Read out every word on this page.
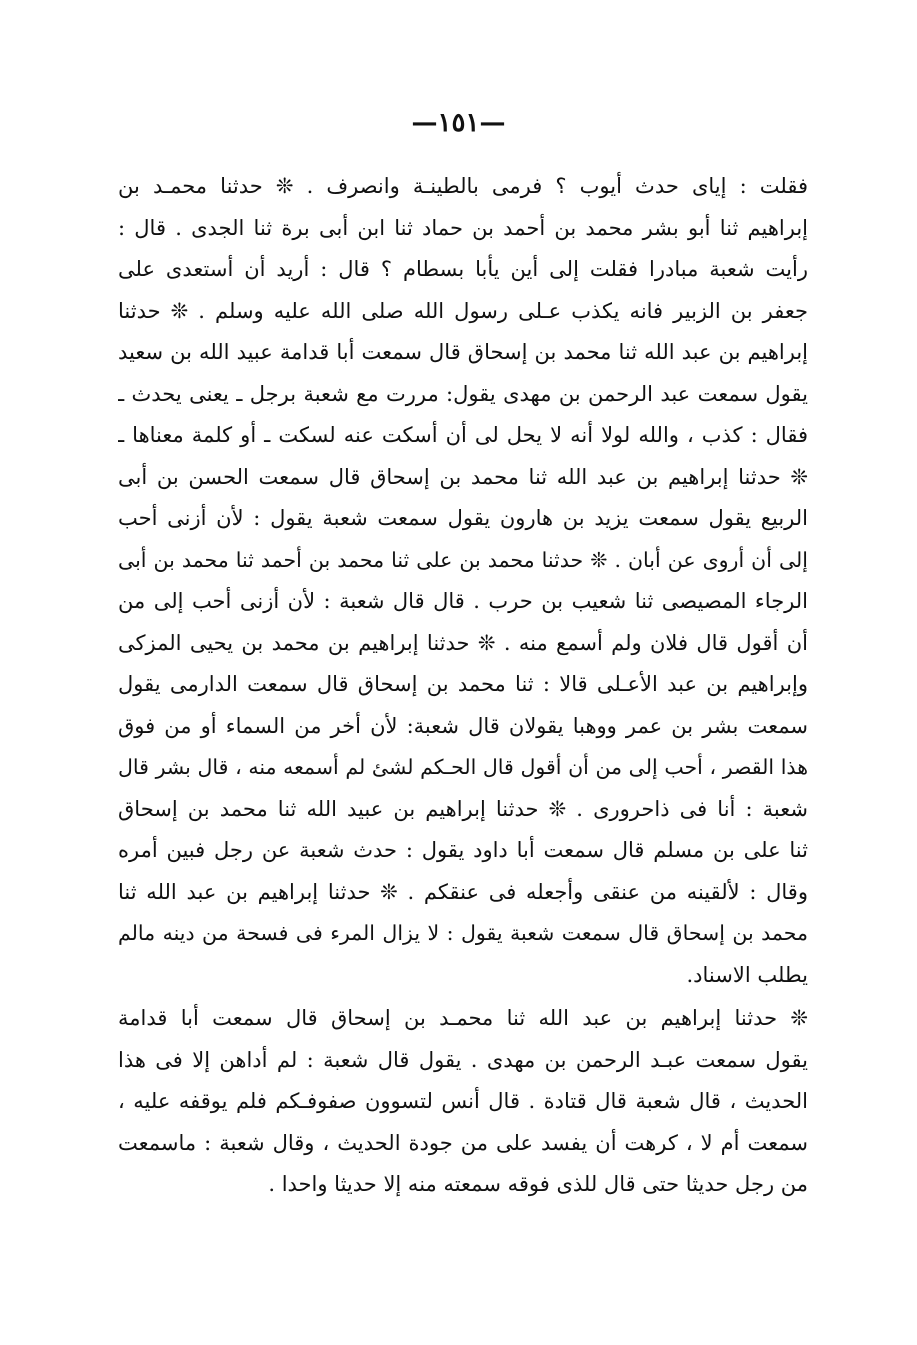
—١٥١—
فقلت : إياى حدث أيوب ؟ فرمى بالطينـة وانصرف . ❊ حدثنا محمـد بن
إبراهيم ثنا أبو بشر محمد بن أحمد بن حماد ثنا ابن أبى برة ثنا الجدى . قال :
رأيت شعبة مبادرا فقلت إلى أين يأبا بسطام ؟ قال : أريد أن أستعدى على
جعفر بن الزبير فانه يكذب عـلى رسول الله صلى الله عليه وسلم . ❊ حدثنا
إبراهيم بن عبد الله ثنا محمد بن إسحاق قال سمعت أبا قدامة عبيد الله بن سعيد
يقول سمعت عبد الرحمن بن مهدى يقول: مررت مع شعبة برجل ـ يعنى يحدث ـ
فقال : كذب ، والله لولا أنه لا يحل لى أن أسكت عنه لسكت ـ أو كلمة معناها ـ
❊ حدثنا إبراهيم بن عبد الله ثنا محمد بن إسحاق قال سمعت الحسن بن أبى
الربيع يقول سمعت يزيد بن هارون يقول سمعت شعبة يقول : لأن أزنى أحب
إلى أن أروى عن أبان . ❊ حدثنا محمد بن على ثنا محمد بن أحمد ثنا محمد بن أبى
الرجاء المصيصى ثنا شعيب بن حرب . قال قال شعبة : لأن أزنى أحب إلى من
أن أقول قال فلان ولم أسمع منه . ❊ حدثنا إبراهيم بن محمد بن يحيى المزكى
وإبراهيم بن عبد الأعـلى قالا : ثنا محمد بن إسحاق قال سمعت الدارمى يقول
سمعت بشر بن عمر ووهبا يقولان قال شعبة: لأن أخر من السماء أو من فوق
هذا القصر ، أحب إلى من أن أقول قال الحـكم لشئ لم أسمعه منه ، قال بشر قال
شعبة : أنا فى ذاحرورى . ❊ حدثنا إبراهيم بن عبيد الله ثنا محمد بن إسحاق
ثنا على بن مسلم قال سمعت أبا داود يقول : حدث شعبة عن رجل فبين أمره
وقال : لألقينه من عنقى وأجعله فى عنقكم . ❊ حدثنا إبراهيم بن عبد الله ثنا
محمد بن إسحاق قال سمعت شعبة يقول : لا يزال المرء فى فسحة من دينه مالم
يطلب الاسناد.
❊ حدثنا إبراهيم بن عبد الله ثنا محمـد بن إسحاق قال سمعت أبا قدامة
يقول سمعت عبـد الرحمن بن مهدى . يقول قال شعبة : لم أداهن إلا فى هذا
الحديث ، قال شعبة قال قتادة . قال أنس لتسوون صفوفـكم فلم يوقفه عليه ،
سمعت أم لا ، كرهت أن يفسد على من جودة الحديث ، وقال شعبة : ماسمعت
من رجل حديثا حتى قال للذى فوقه سمعته منه إلا حديثا واحدا .
